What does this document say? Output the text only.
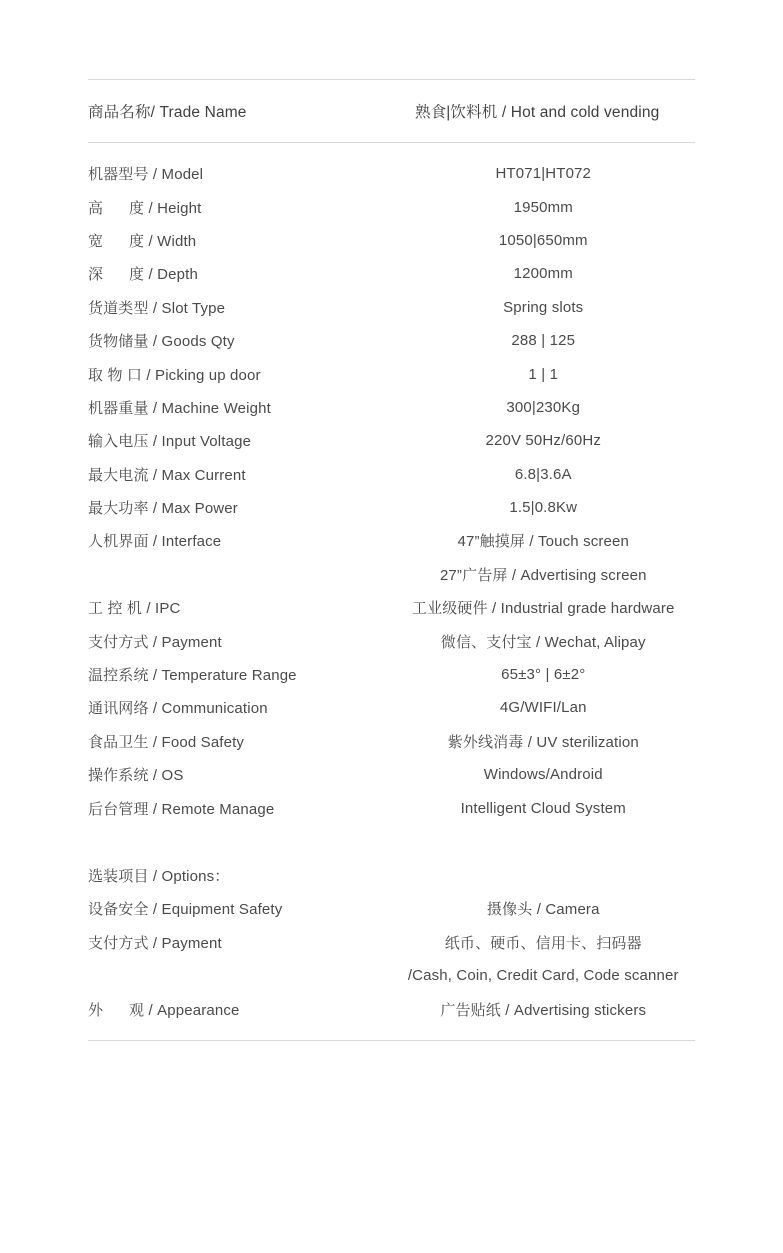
商品名称/ Trade Name	熟食|饮料机 / Hot and cold vending

机器型号 / Model	HT071|HT072
高      度 / Height	1950mm
宽      度 / Width	1050|650mm
深      度 / Depth	1200mm
货道类型 / Slot Type	Spring slots
货物储量 / Goods Qty	288 | 125
取 物 口 / Picking up door	1 | 1
机器重量 / Machine Weight	300|230Kg
输入电压 / Input Voltage	220V 50Hz/60Hz
最大电流 / Max Current	6.8|3.6A
最大功率 / Max Power	1.5|0.8Kw
人机界面 / Interface	47”触摸屏 / Touch screen
	27”广告屏 / Advertising screen
工 控 机 / IPC	工业级硬件 / Industrial grade hardware
支付方式 / Payment	微信、支付宝 / Wechat, Alipay
温控系统 / Temperature Range	65±3° | 6±2°
通讯网络 / Communication	4G/WIFI/Lan
食品卫生 / Food Safety	紫外线消毒 / UV sterilization
操作系统 / OS	Windows/Android
后台管理 / Remote Manage	Intelligent Cloud System

选装项目 / Options：	
设备安全 / Equipment Safety	摄像头 / Camera
支付方式 / Payment	纸币、硬币、信用卡、扫码器
	/Cash, Coin, Credit Card, Code scanner
外      观 / Appearance	广告贴纸 / Advertising stickers
